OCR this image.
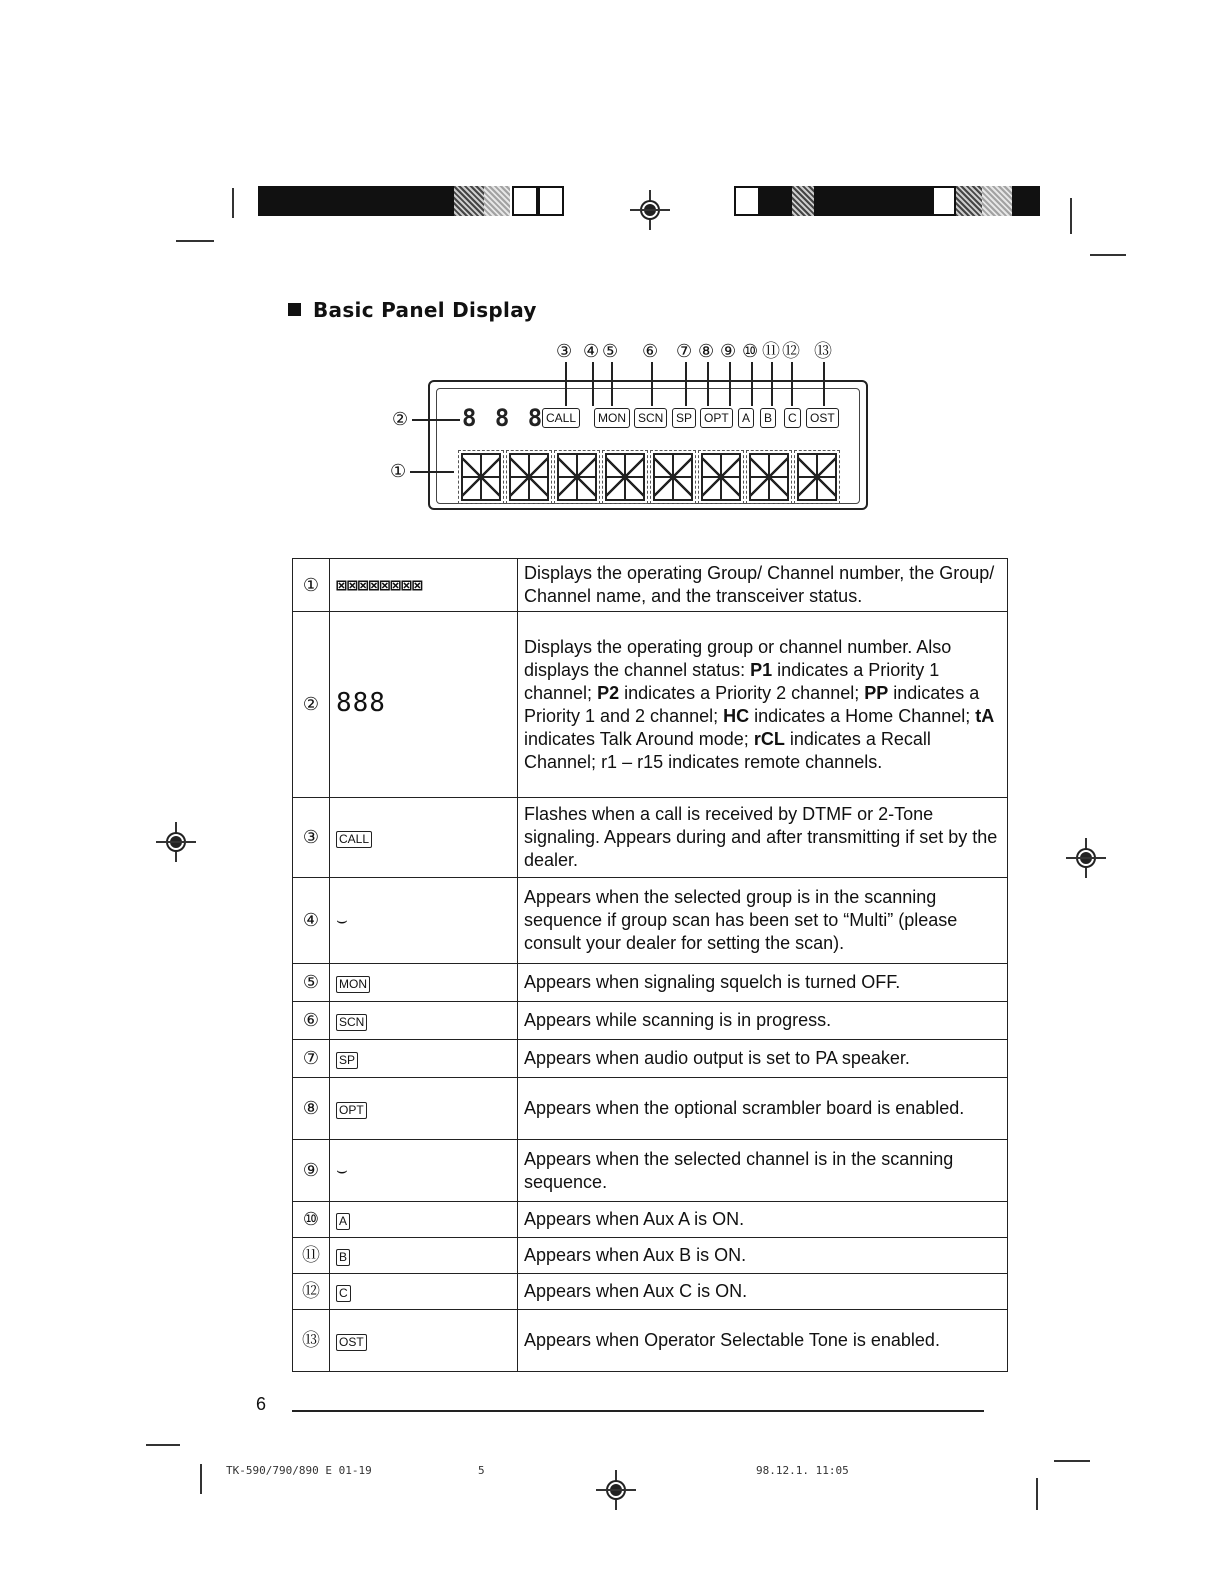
Basic Panel Display
③ ④ ⑤ ⑥ ⑦ ⑧ ⑨ ⑩ ⑪ ⑫ ⑬
②
①
8 8 8 CALL	MON	SCN	SP OPT	A	B	C	OST
①	⊠⊠⊠⊠⊠⊠⊠⊠	Displays the operating Group/ Channel number, the Group/ Channel name, and the transceiver status.
②	888	Displays the operating group or channel number. Also displays the channel status: P1 indicates a Priority 1 channel; P2 indicates a Priority 2 channel; PP indicates a Priority 1 and 2 channel; HC indicates a Home Channel; tA indicates Talk Around mode; rCL indicates a Recall Channel; r1 – r15 indicates remote channels.
③	CALL	Flashes when a call is received by DTMF or 2-Tone signaling. Appears during and after transmitting if set by the dealer.
④	⌣	Appears when the selected group is in the scanning sequence if group scan has been set to “Multi” (please consult your dealer for setting the scan).
⑤	MON	Appears when signaling squelch is turned OFF.
⑥	SCN	Appears while scanning is in progress.
⑦	SP	Appears when audio output is set to PA speaker.
⑧	OPT	Appears when the optional scrambler board is enabled.
⑨	⌣	Appears when the selected channel is in the scanning sequence.
⑩	A	Appears when Aux A is ON.
⑪	B	Appears when Aux B is ON.
⑫	C	Appears when Aux C is ON.
⑬	OST	Appears when Operator Selectable Tone is enabled.
6
TK-590/790/890 E 01-19	5	98.12.1. 11:05
